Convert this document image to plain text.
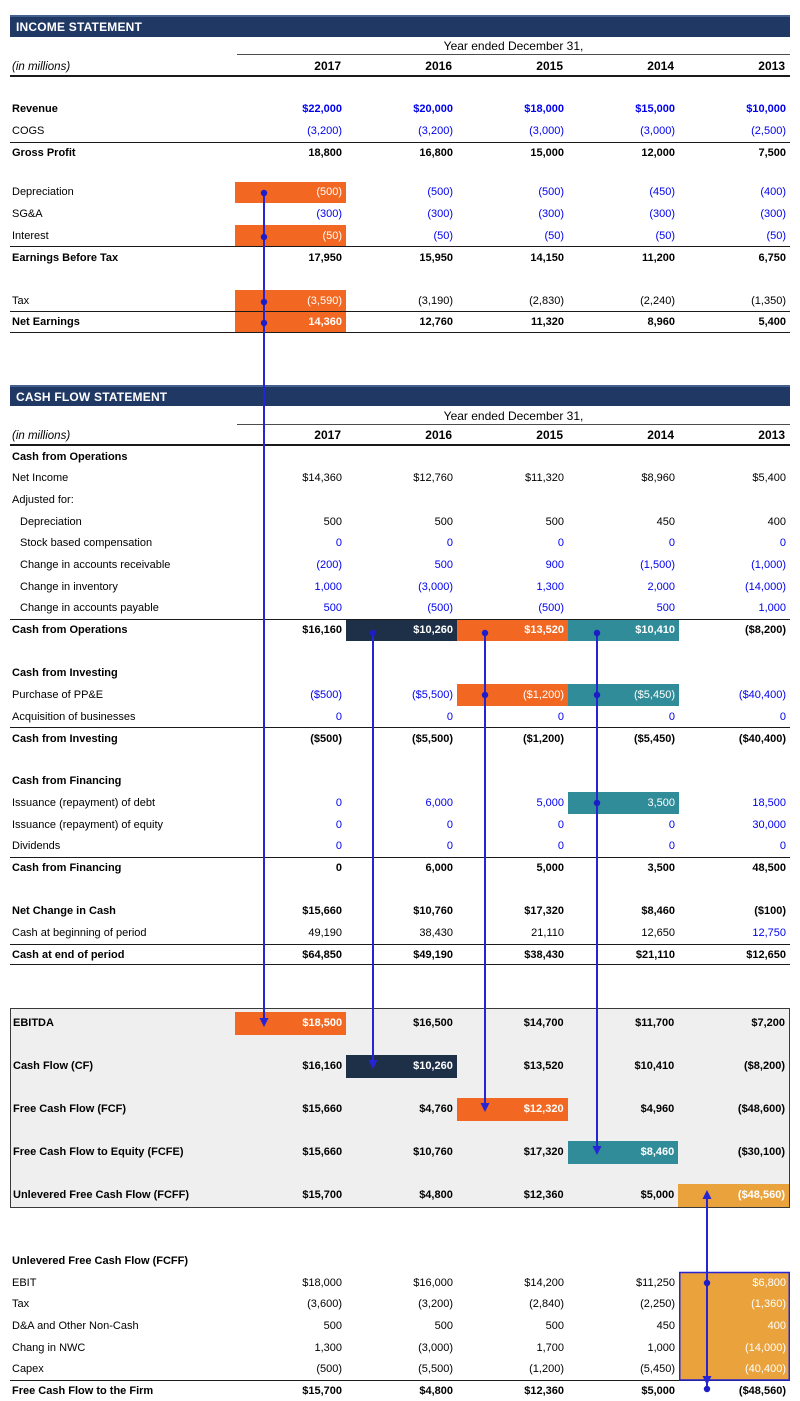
INCOME STATEMENT
Year ended December 31,
(in millions)	2017	2016	2015	2014	2013
Revenue	$22,000	$20,000	$18,000	$15,000	$10,000
COGS	(3,200)	(3,200)	(3,000)	(3,000)	(2,500)
Gross Profit	18,800	16,800	15,000	12,000	7,500
Depreciation	(500)	(500)	(500)	(450)	(400)
SG&A	(300)	(300)	(300)	(300)	(300)
Interest	(50)	(50)	(50)	(50)	(50)
Earnings Before Tax	17,950	15,950	14,150	11,200	6,750
Tax	(3,590)	(3,190)	(2,830)	(2,240)	(1,350)
Net Earnings	14,360	12,760	11,320	8,960	5,400
CASH FLOW STATEMENT
Year ended December 31,
(in millions)	2017	2016	2015	2014	2013
Cash from Operations
Net Income	$14,360	$12,760	$11,320	$8,960	$5,400
Adjusted for:
Depreciation	500	500	500	450	400
Stock based compensation	0	0	0	0	0
Change in accounts receivable	(200)	500	900	(1,500)	(1,000)
Change in inventory	1,000	(3,000)	1,300	2,000	(14,000)
Change in accounts payable	500	(500)	(500)	500	1,000
Cash from Operations	$16,160	$10,260	$13,520	$10,410	($8,200)
Cash from Investing
Purchase of PP&E	($500)	($5,500)	($1,200)	($5,450)	($40,400)
Acquisition of businesses	0	0	0	0	0
Cash from Investing	($500)	($5,500)	($1,200)	($5,450)	($40,400)
Cash from Financing
Issuance (repayment) of debt	0	6,000	5,000	3,500	18,500
Issuance (repayment) of equity	0	0	0	0	30,000
Dividends	0	0	0	0	0
Cash from Financing	0	6,000	5,000	3,500	48,500
Net Change in Cash	$15,660	$10,760	$17,320	$8,460	($100)
Cash at beginning of period	49,190	38,430	21,110	12,650	12,750
Cash at end of period	$64,850	$49,190	$38,430	$21,110	$12,650
EBITDA	$18,500	$16,500	$14,700	$11,700	$7,200
Cash Flow (CF)	$16,160	$10,260	$13,520	$10,410	($8,200)
Free Cash Flow (FCF)	$15,660	$4,760	$12,320	$4,960	($48,600)
Free Cash Flow to Equity (FCFE)	$15,660	$10,760	$17,320	$8,460	($30,100)
Unlevered Free Cash Flow (FCFF)	$15,700	$4,800	$12,360	$5,000	($48,560)
Unlevered Free Cash Flow (FCFF)
EBIT	$18,000	$16,000	$14,200	$11,250	$6,800
Tax	(3,600)	(3,200)	(2,840)	(2,250)	(1,360)
D&A and Other Non-Cash	500	500	500	450	400
Chang in NWC	1,300	(3,000)	1,700	1,000	(14,000)
Capex	(500)	(5,500)	(1,200)	(5,450)	(40,400)
Free Cash Flow to the Firm	$15,700	$4,800	$12,360	$5,000	($48,560)
